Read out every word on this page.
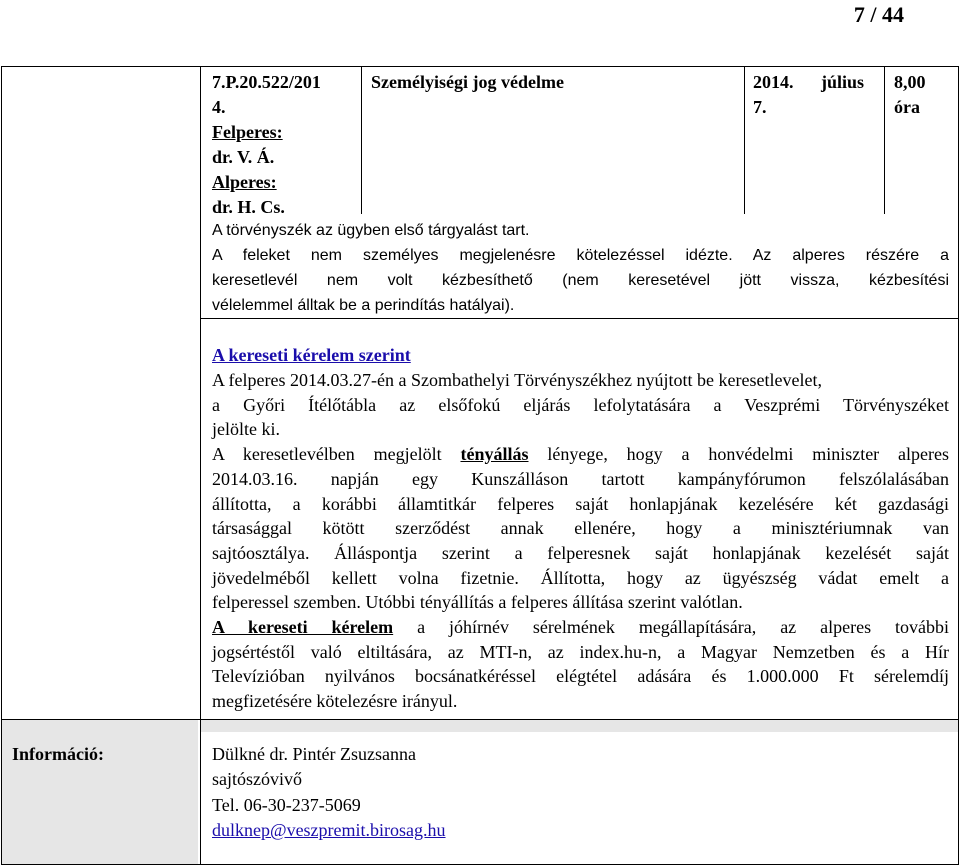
7 / 44
7.P.20.522/201
4.
Felperes:
dr. V. Á.
Alperes:
dr. H. Cs.
Személyiségi jog védelme	2014. július
7.
8,00
óra
A törvényszék az ügyben első tárgyalást tart.
A feleket nem személyes megjelenésre kötelezéssel idézte. Az alperes részére a
keresetlevél nem volt kézbesíthető (nem keresetével jött vissza, kézbesítési
vélelemmel álltak be a perindítás hatályai).
A kereseti kérelem szerint
A felperes 2014.03.27-én a Szombathelyi Törvényszékhez nyújtott be keresetlevelet,
a Győri Ítélőtábla az elsőfokú eljárás lefolytatására a Veszprémi Törvényszéket
jelölte ki.
A keresetlevélben megjelölt tényállás lényege, hogy a honvédelmi miniszter alperes
2014.03.16. napján egy Kunszálláson tartott kampányfórumon felszólalásában
állította, a korábbi államtitkár felperes saját honlapjának kezelésére két gazdasági
társasággal kötött szerződést annak ellenére, hogy a minisztériumnak van
sajtóosztálya. Álláspontja szerint a felperesnek saját honlapjának kezelését saját
jövedelméből kellett volna fizetnie. Állította, hogy az ügyészség vádat emelt a
felperessel szemben. Utóbbi tényállítás a felperes állítása szerint valótlan.
A kereseti kérelem a jóhírnév sérelmének megállapítására, az alperes további
jogsértéstől való eltiltására, az MTI-n, az index.hu-n, a Magyar Nemzetben és a Hír
Televízióban nyilvános bocsánatkéréssel elégtétel adására és 1.000.000 Ft sérelemdíj
megfizetésére kötelezésre irányul.
Információ:	Dülkné dr. Pintér Zsuzsanna
sajtószóvivő
Tel. 06-30-237-5069
dulknep@veszpremit.birosag.hu
